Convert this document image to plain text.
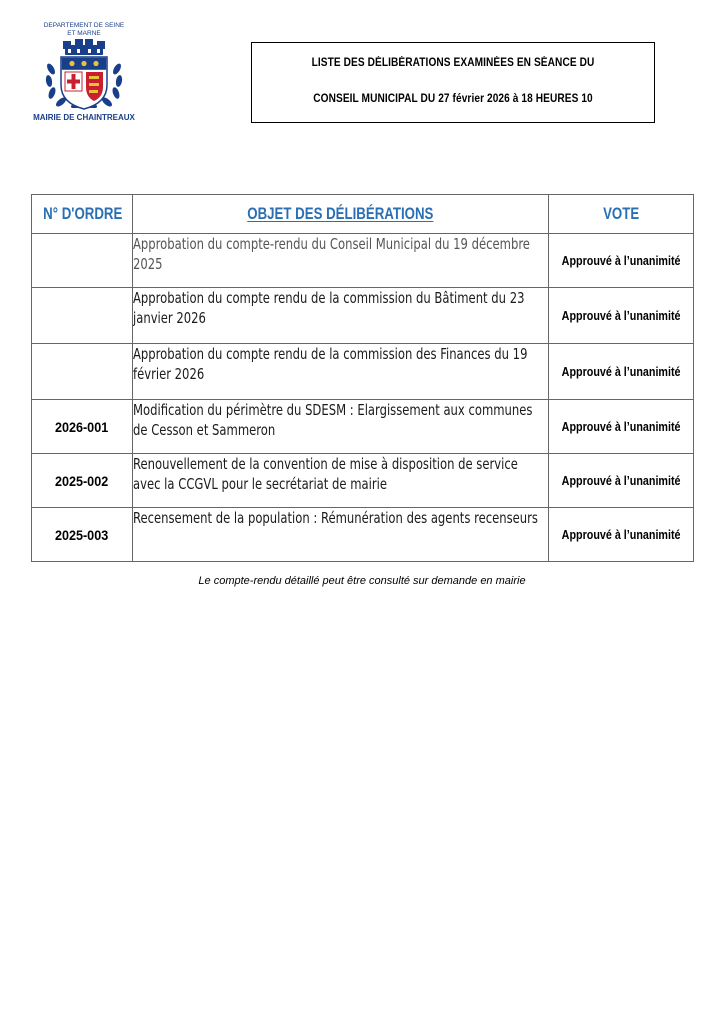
DEPARTEMENT DE SEINE ET MARNE
MAIRIE DE CHAINTREAUX
LISTE DES DÉLIBÉRATIONS EXAMINÉES EN SÉANCE DU
CONSEIL MUNICIPAL DU 27 février 2026 à 18 HEURES 10
N° D'ORDRE	OBJET DES DÉLIBÉRATIONS	VOTE

	Approbation du compte-rendu du Conseil Municipal du 19 décembre 2025	Approuvé à l’unanimité

	Approbation du compte rendu de la commission du Bâtiment du 23 janvier 2026	Approuvé à l’unanimité

	Approbation du compte rendu de la commission des Finances du 19 février 2026	Approuvé à l’unanimité
2026-001	Modification du périmètre du SDESM : Elargissement aux communes de Cesson et Sammeron	Approuvé à l’unanimité
2025-002	Renouvellement de la convention de mise à disposition de service avec la CCGVL pour le secrétariat de mairie	Approuvé à l’unanimité
2025-003	Recensement de la population : Rémunération des agents recenseurs	Approuvé à l’unanimité
Le compte-rendu détaillé peut être consulté sur demande en mairie
